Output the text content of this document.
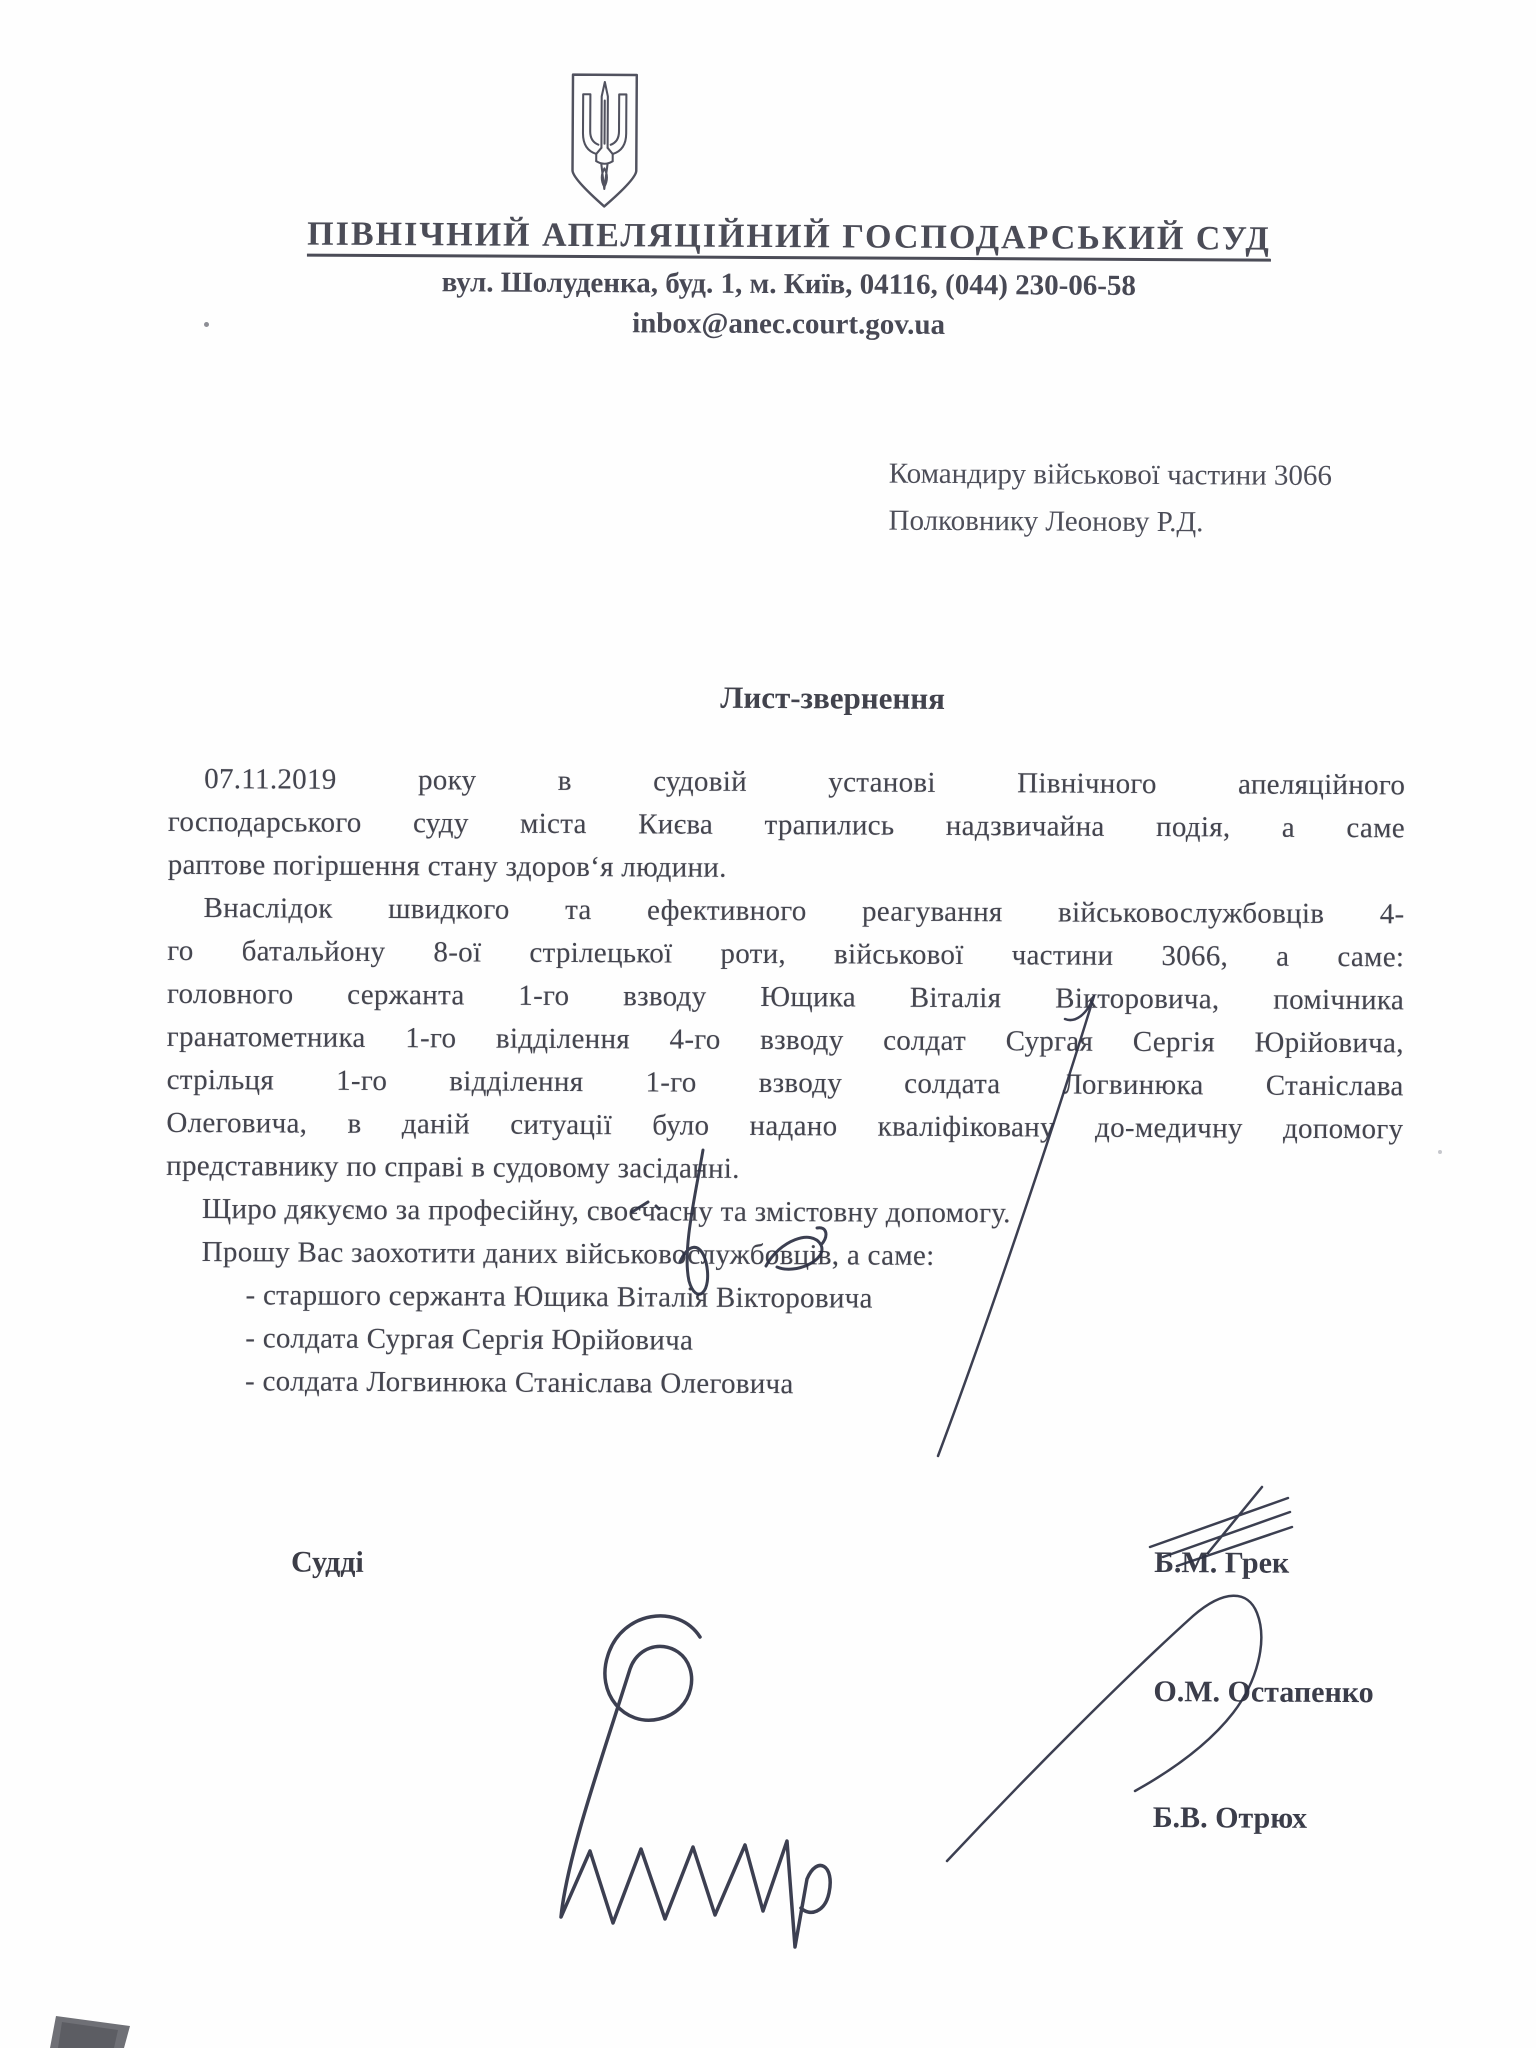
ПІВНІЧНИЙ АПЕЛЯЦІЙНИЙ ГОСПОДАРСЬКИЙ СУД
вул. Шолуденка, буд. 1, м. Київ, 04116, (044) 230-06-58
inbox@anec.court.gov.ua
Командиру військової частини 3066
Полковнику Леонову Р.Д.
Лист-звернення
07.11.2019 року в судовій установі Північного апеляційного
господарського суду міста Києва трапились надзвичайна подія, а саме
раптове погіршення стану здоров‘я людини.
Внаслідок швидкого та ефективного реагування військовослужбовців 4-
го батальйону 8-ої стрілецької роти, військової частини 3066, а саме:
головного сержанта 1-го взводу Ющика Віталія Вікторовича, помічника
гранатометника 1-го відділення 4-го взводу солдат Сургая Сергія Юрійовича,
стрільця 1-го відділення 1-го взводу солдата Логвинюка Станіслава
Олеговича, в даній ситуації було надано кваліфіковану до-медичну допомогу
представнику по справі в судовому засіданні.
Щиро дякуємо за професійну, своєчасну та змістовну допомогу.
Прошу Вас заохотити даних військовослужбовців, а саме:
- старшого сержанта Ющика Віталія Вікторовича
- солдата Сургая Сергія Юрійовича
- солдата Логвинюка Станіслава Олеговича
Судді	Б.М. Грек
О.М. Остапенко
Б.В. Отрюх
